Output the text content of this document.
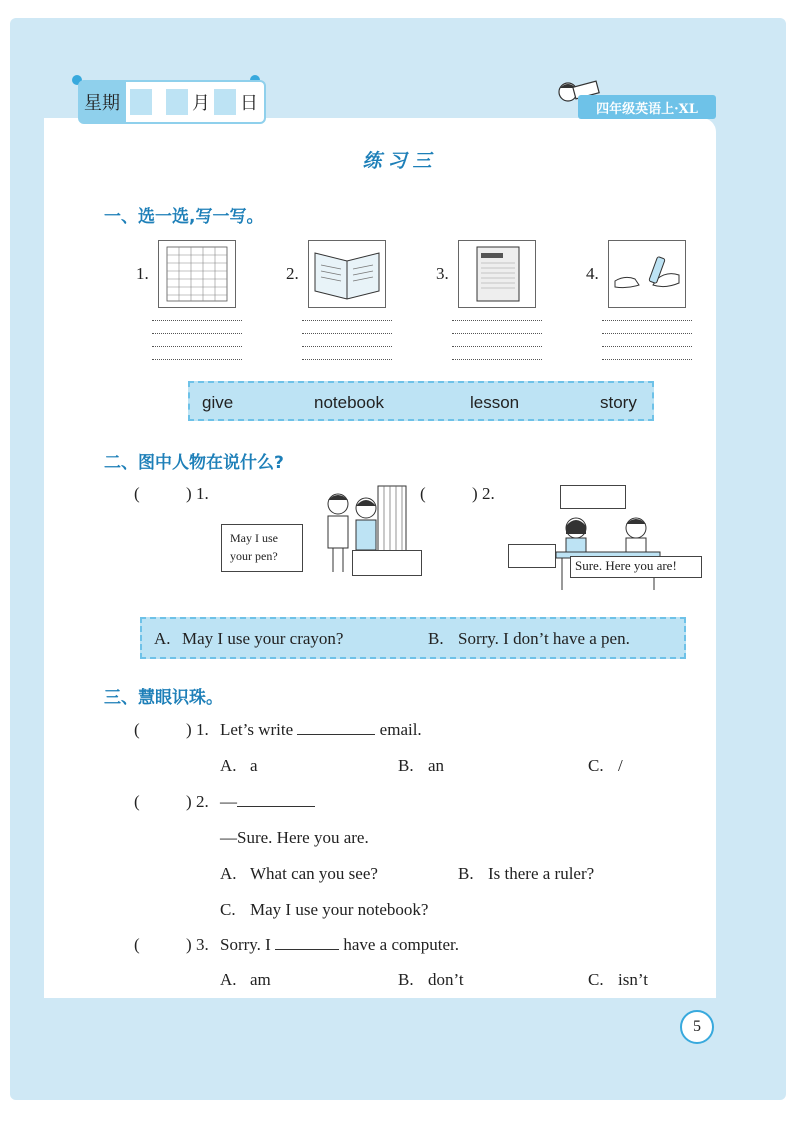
星期	月 日	四年级英语上·XL
练习三
一、选一选,写一写。
1.	2.	3.	4.
give	notebook	lesson	story
二、图中人物在说什么?
(	) 1.
May I use
your pen?
(	) 2.
Sure. Here you are!
A. May I use your crayon?	B. Sorry. I don’t have a pen.
三、慧眼识珠。
(	) 1. Let’s write	email.
A. a	B. an	C. /
(	) 2. —
—Sure. Here you are.
A. What can you see?	B. Is there a ruler?
C. May I use your notebook?
(	) 3. Sorry. I	have a computer.
A. am	B. don’t	C. isn’t
5
